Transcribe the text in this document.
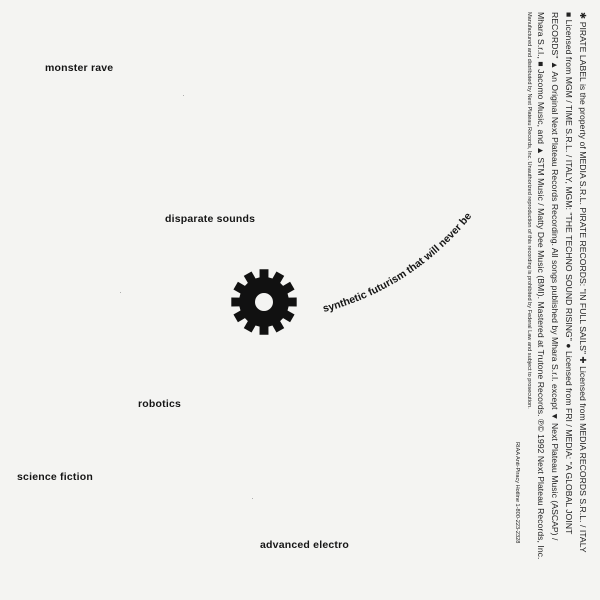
monster rave
disparate sounds
robotics
science fiction
advanced electro
synthetic futurism that will never be	✱ PIRATE LABEL is the property of MEDIA S.R.L. PIRATE RECORDS: "IN FULL SAILS" ✚ Licensed from MEDIA RECORDS S.R.L. / ITALY
■ Licensed from MGM / TIME S.R.L. / ITALY, MGM: "THE TECHNO SOUND RISING" ● Licensed from FRI / MEDIA: "A GLOBAL JOINT
RECORDS" ▲ An Original Next Plateau Records Recording. All songs published by Mhara S.r.l. except ▼ Next Plateau Music (ASCAP) /
Mhara S.r.l., ■ Jacomo Music, and ▲ STM Music / Matty Dee Music (BMI). Mastered at Trutone Records. ℗© 1992 Next Plateau Records, Inc.
Manufactured and distributed by Next Plateau Records, Inc. Unauthorized reproduction of this recording is prohibited by Federal Law and subject to prosecution.
RIAA Anti-Piracy Hotline 1-800-223-2328
